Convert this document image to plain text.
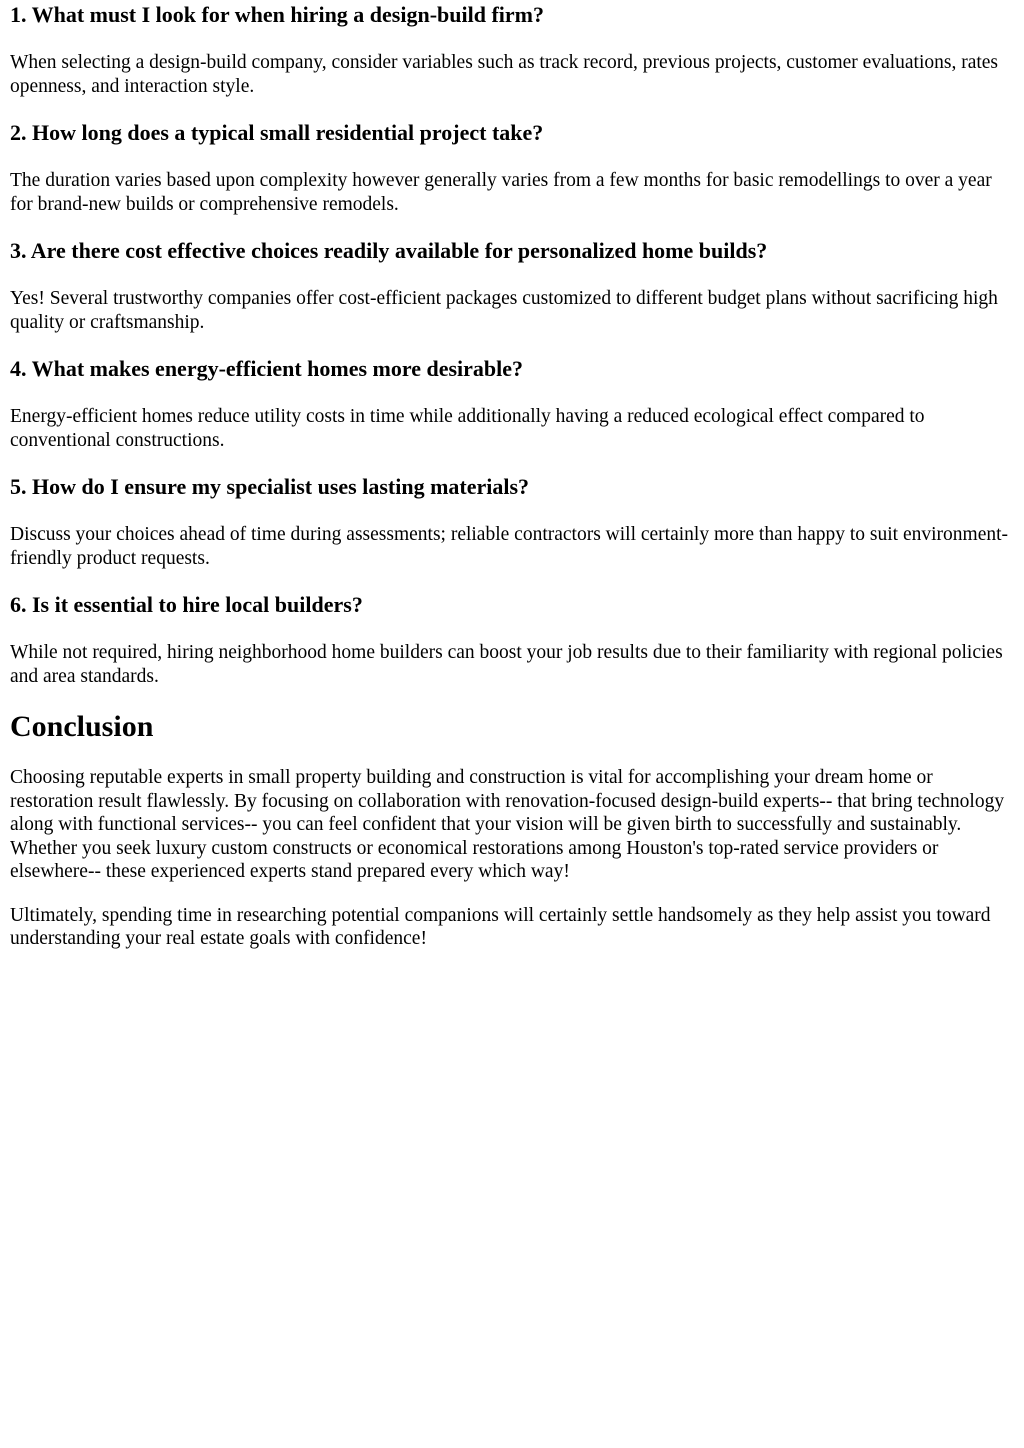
1. What must I look for when hiring a design-build firm?

When selecting a design-build company, consider variables such as track record, previous projects, customer evaluations, rates openness, and interaction style.

2. How long does a typical small residential project take?

The duration varies based upon complexity however generally varies from a few months for basic remodellings to over a year for brand-new builds or comprehensive remodels.

3. Are there cost effective choices readily available for personalized home builds?

Yes! Several trustworthy companies offer cost-efficient packages customized to different budget plans without sacrificing high quality or craftsmanship.

4. What makes energy-efficient homes more desirable?

Energy-efficient homes reduce utility costs in time while additionally having a reduced ecological effect compared to conventional constructions.

5. How do I ensure my specialist uses lasting materials?

Discuss your choices ahead of time during assessments; reliable contractors will certainly more than happy to suit environment-friendly product requests.

6. Is it essential to hire local builders?

While not required, hiring neighborhood home builders can boost your job results due to their familiarity with regional policies and area standards.

Conclusion

Choosing reputable experts in small property building and construction is vital for accomplishing your dream home or restoration result flawlessly. By focusing on collaboration with renovation-focused design-build experts-- that bring technology along with functional services-- you can feel confident that your vision will be given birth to successfully and sustainably. Whether you seek luxury custom constructs or economical restorations among Houston's top-rated service providers or elsewhere-- these experienced experts stand prepared every which way!

Ultimately, spending time in researching potential companions will certainly settle handsomely as they help assist you toward understanding your real estate goals with confidence!
